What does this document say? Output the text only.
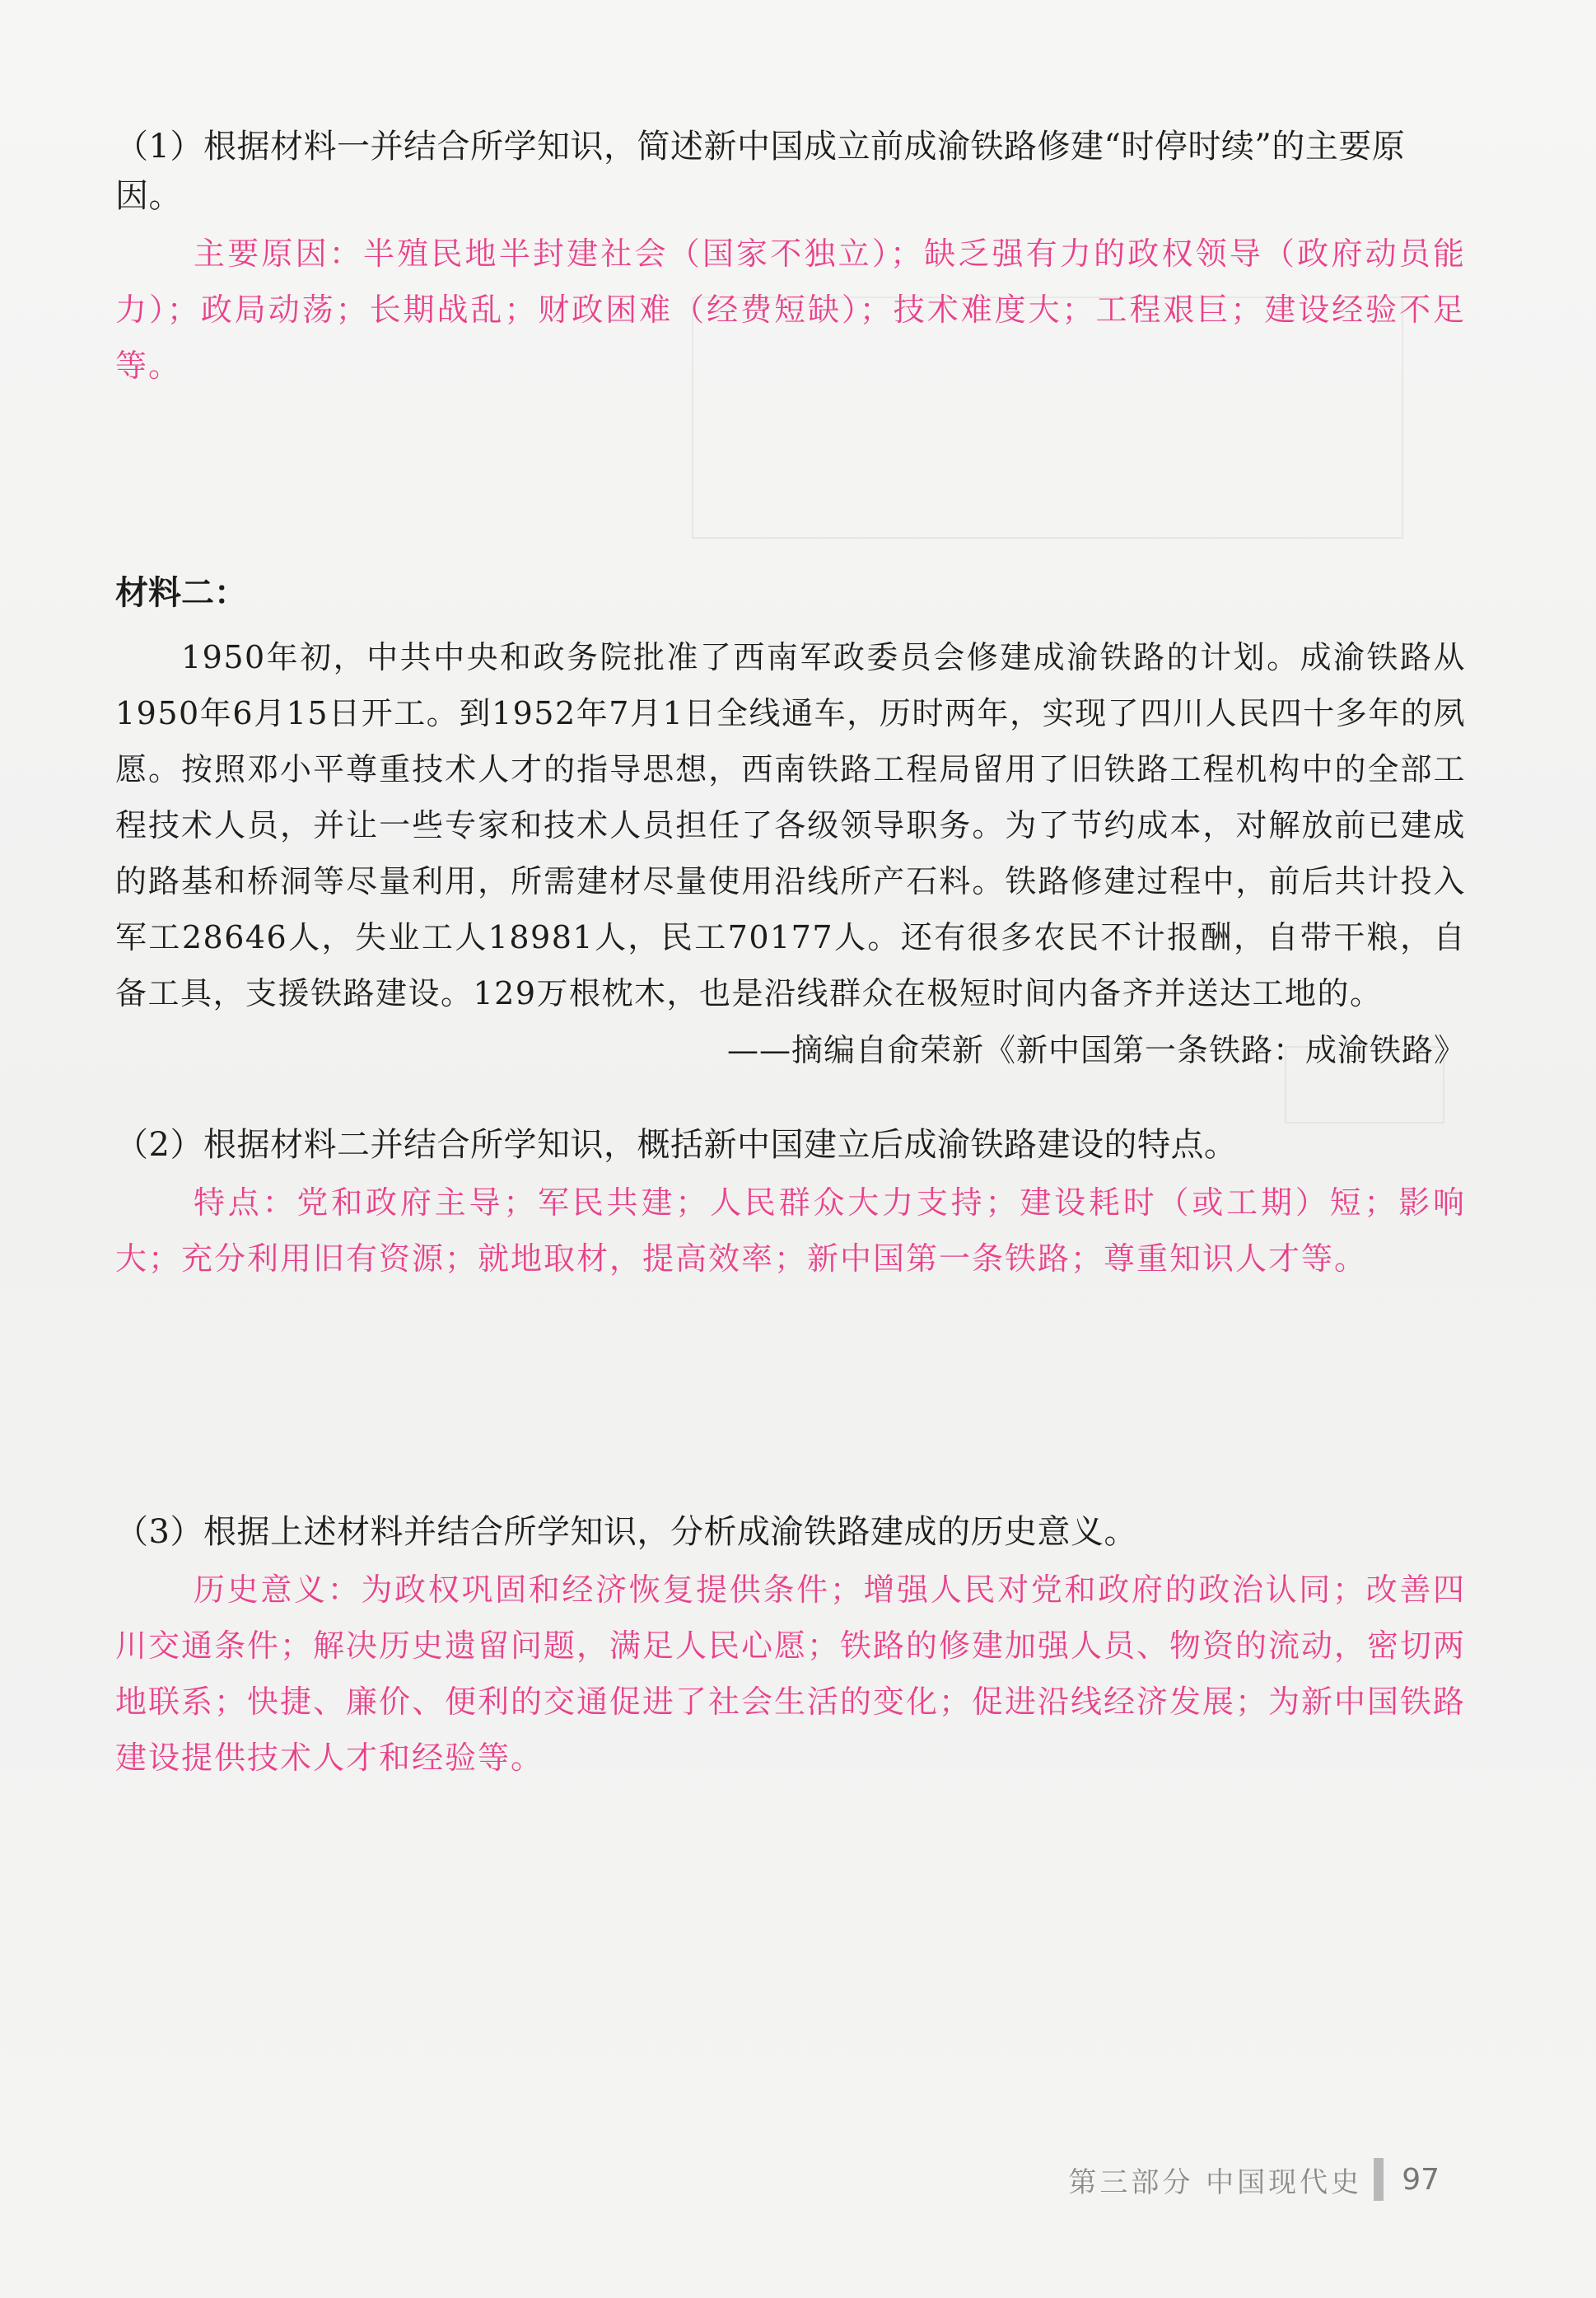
（1）根据材料一并结合所学知识，简述新中国成立前成渝铁路修建“时停时续”的主要原因。
主要原因：半殖民地半封建社会（国家不独立）；缺乏强有力的政权领导（政府动员能力）；政局动荡；长期战乱；财政困难（经费短缺）；技术难度大；工程艰巨；建设经验不足等。
材料二：
1950年初，中共中央和政务院批准了西南军政委员会修建成渝铁路的计划。成渝铁路从1950年6月15日开工。到1952年7月1日全线通车，历时两年，实现了四川人民四十多年的夙愿。按照邓小平尊重技术人才的指导思想，西南铁路工程局留用了旧铁路工程机构中的全部工程技术人员，并让一些专家和技术人员担任了各级领导职务。为了节约成本，对解放前已建成的路基和桥洞等尽量利用，所需建材尽量使用沿线所产石料。铁路修建过程中，前后共计投入军工28646人，失业工人18981人，民工70177人。还有很多农民不计报酬，自带干粮，自备工具，支援铁路建设。129万根枕木，也是沿线群众在极短时间内备齐并送达工地的。
——摘编自俞荣新《新中国第一条铁路：成渝铁路》
（2）根据材料二并结合所学知识，概括新中国建立后成渝铁路建设的特点。
特点：党和政府主导；军民共建；人民群众大力支持；建设耗时（或工期）短；影响大；充分利用旧有资源；就地取材，提高效率；新中国第一条铁路；尊重知识人才等。
（3）根据上述材料并结合所学知识，分析成渝铁路建成的历史意义。
历史意义：为政权巩固和经济恢复提供条件；增强人民对党和政府的政治认同；改善四川交通条件；解决历史遗留问题，满足人民心愿；铁路的修建加强人员、物资的流动，密切两地联系；快捷、廉价、便利的交通促进了社会生活的变化；促进沿线经济发展；为新中国铁路建设提供技术人才和经验等。
第三部分 中国现代史 97
